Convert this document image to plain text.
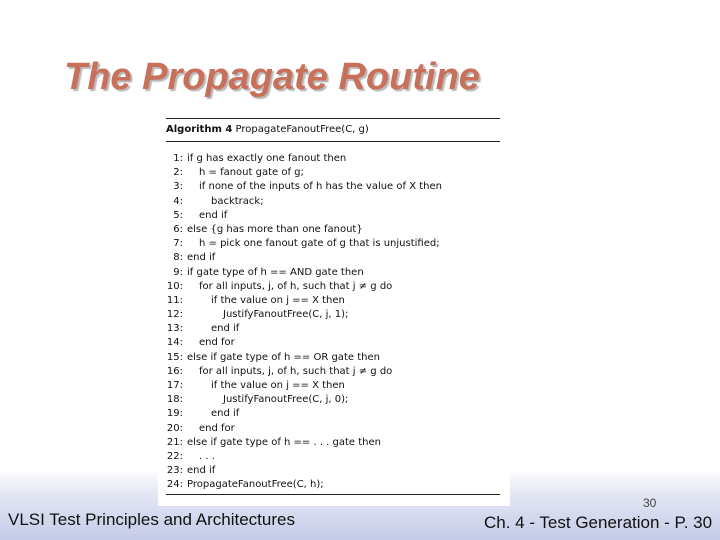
The Propagate Routine
Algorithm 4 PropagateFanoutFree(C, g)
1: if g has exactly one fanout then
2: h = fanout gate of g;
3: if none of the inputs of h has the value of X then
4:	backtrack;
5: end if
6: else {g has more than one fanout}
7: h = pick one fanout gate of g that is unjustified;
8: end if
9: if gate type of h == AND gate then
10: for all inputs, j, of h, such that j ≠ g do
11:	if the value on j == X then
12:	JustifyFanoutFree(C, j, 1);
13:	end if
14: end for
15: else if gate type of h == OR gate then
16: for all inputs, j, of h, such that j ≠ g do
17:	if the value on j == X then
18:	JustifyFanoutFree(C, j, 0);
19:	end if
20: end for
21: else if gate type of h == . . . gate then
22: . . .
23: end if
24: PropagateFanoutFree(C, h);
VLSI Test Principles and Architectures
30
Ch. 4 - Test Generation - P. 30
